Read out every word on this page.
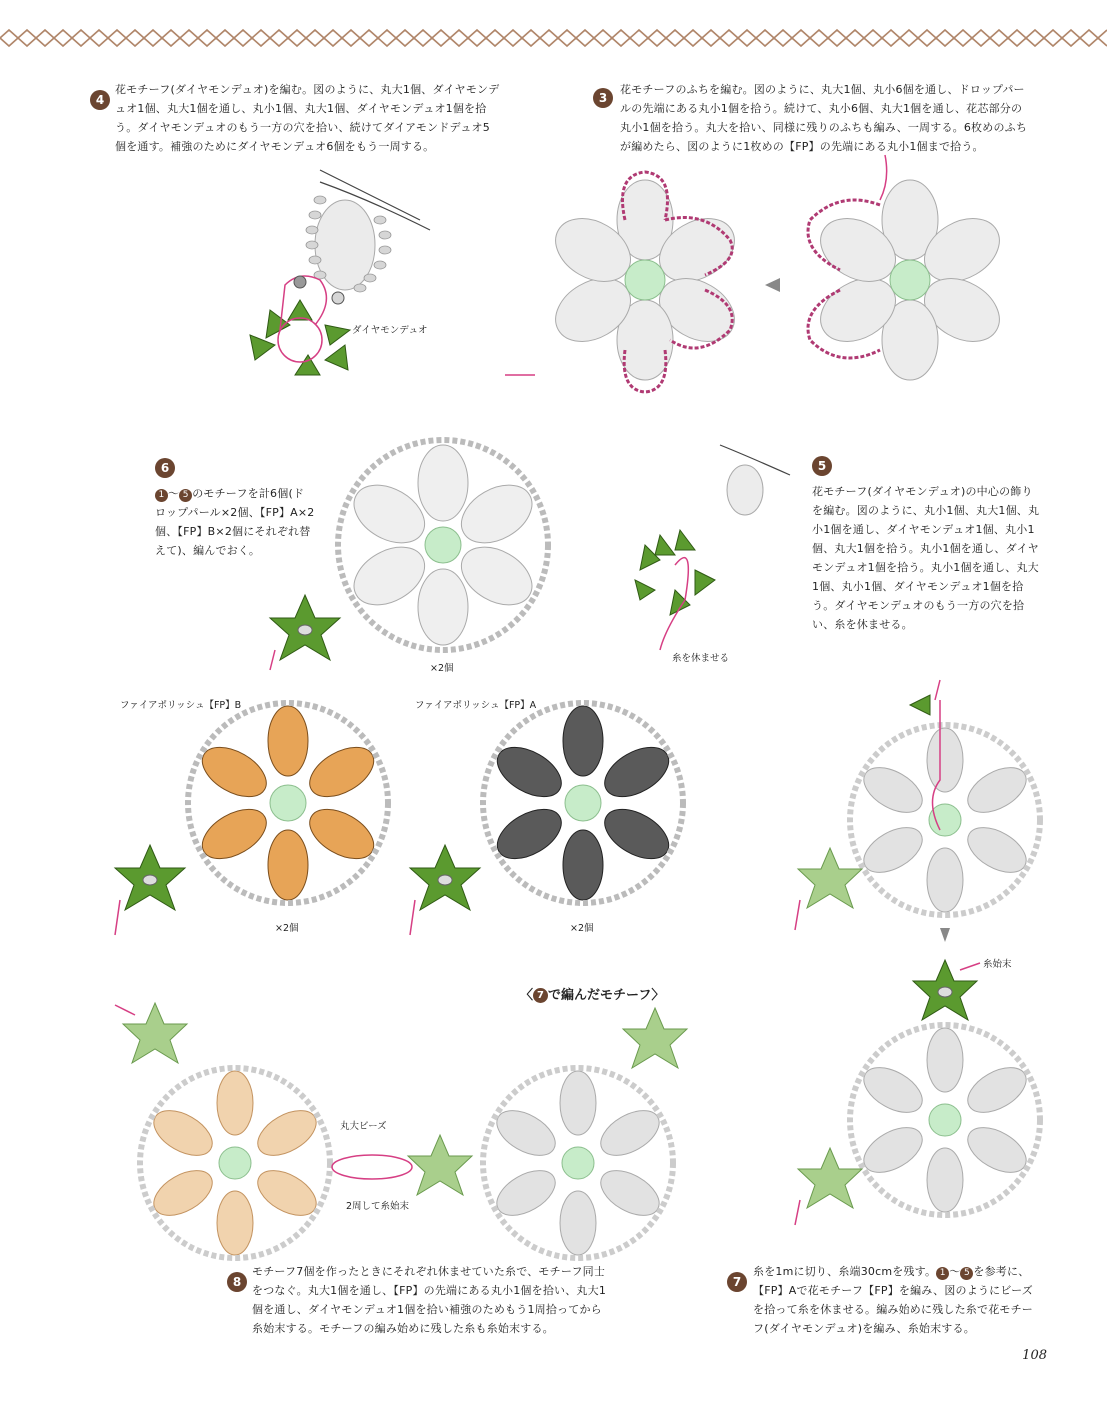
4
花モチーフ(ダイヤモンデュオ)を編む。図のように、丸大1個、ダイヤモンデュオ1個、丸大1個を通し、丸小1個、丸大1個、ダイヤモンデュオ1個を拾う。ダイヤモンデュオのもう一方の穴を拾い、続けてダイアモンドデュオ5個を通す。補強のためにダイヤモンデュオ6個をもう一周する。
3
花モチーフのふちを編む。図のように、丸大1個、丸小6個を通し、ドロップパールの先端にある丸小1個を拾う。続けて、丸小6個、丸大1個を通し、花芯部分の丸小1個を拾う。丸大を拾い、同様に残りのふちも編み、一周する。6枚めのふちが編めたら、図のように1枚めの【FP】の先端にある丸小1個まで拾う。
ダイヤモンデュオ
6
1 〜 5 のモチーフを計6個(ドロップパール×2個、【FP】A×2個、【FP】B×2個にそれぞれ替えて)、編んでおく。
×2個
5
花モチーフ(ダイヤモンデュオ)の中心の飾りを編む。図のように、丸小1個、丸大1個、丸小1個を通し、ダイヤモンデュオ1個、丸小1個、丸大1個を拾う。丸小1個を通し、ダイヤモンデュオ1個を拾う。丸小1個を通し、丸大1個、丸小1個、ダイヤモンデュオ1個を拾う。ダイヤモンデュオのもう一方の穴を拾い、糸を休ませる。
糸を休ませる
ファイアポリッシュ【FP】B	ファイアポリッシュ【FP】A
×2個	×2個
糸始末
〈 7 で編んだモチーフ〉
丸大ビーズ
2周して糸始末
8
モチーフ7個を作ったときにそれぞれ休ませていた糸で、モチーフ同士をつなぐ。丸大1個を通し、【FP】の先端にある丸小1個を拾い、丸大1個を通し、ダイヤモンデュオ1個を拾い補強のためもう1周拾ってから糸始末する。モチーフの編み始めに残した糸も糸始末する。
7
糸を1mに切り、糸端30cmを残す。 1 〜 5 を参考に、【FP】Aで花モチーフ【FP】を編み、図のようにビーズを拾って糸を休ませる。編み始めに残した糸で花モチーフ(ダイヤモンデュオ)を編み、糸始末する。
108
